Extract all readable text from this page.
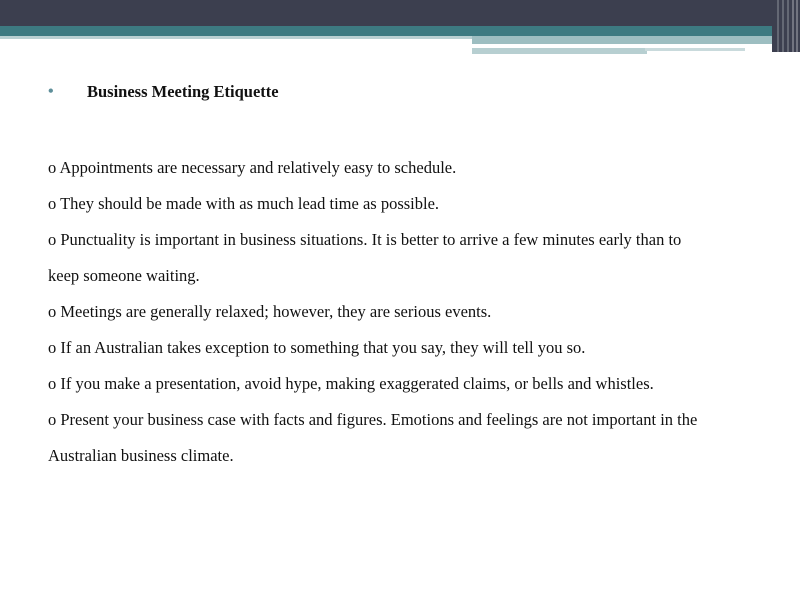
• Business Meeting Etiquette

o Appointments are necessary and relatively easy to schedule.

o They should be made with as much lead time as possible.

o Punctuality is important in business situations. It is better to arrive a few minutes early than to keep someone waiting.

o Meetings are generally relaxed; however, they are serious events.

o If an Australian takes exception to something that you say, they will tell you so.

o If you make a presentation, avoid hype, making exaggerated claims, or bells and whistles.

o Present your business case with facts and figures. Emotions and feelings are not important in the Australian business climate.
